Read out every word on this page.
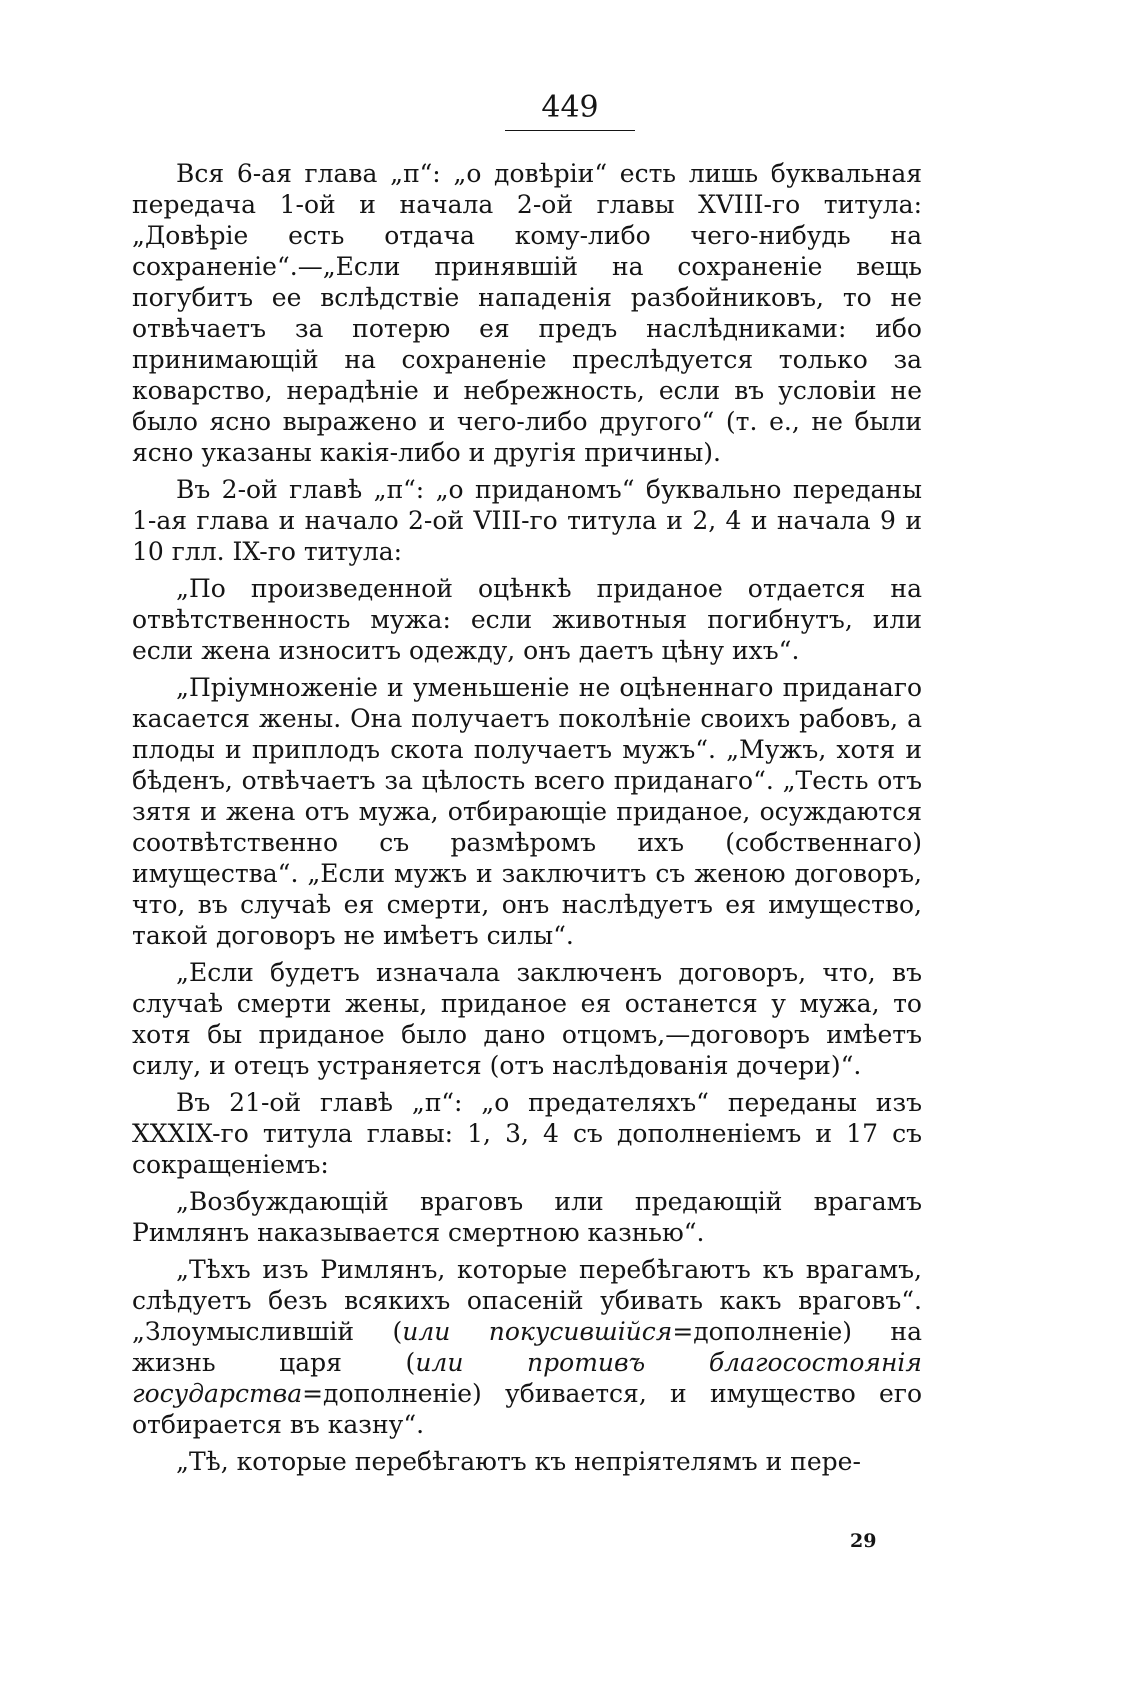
449

Вся 6-ая глава „π“: „о довѣріи“ есть лишь буквальная передача 1-ой и начала 2-ой главы XVIII-го титула: „Довѣріе есть отдача кому-либо чего-нибудь на сохраненіе“.—„Если принявшій на сохраненіе вещь погубитъ ее вслѣдствіе нападенія разбойниковъ, то не отвѣчаетъ за потерю ея предъ наслѣдниками: ибо принимающій на сохраненіе преслѣдуется только за коварство, нерадѣніе и небрежность, если въ условіи не было ясно выражено и чего-либо другого“ (т. е., не были ясно указаны какія-либо и другія причины).

Въ 2-ой главѣ „π“: „о приданомъ“ буквально переданы 1-ая глава и начало 2-ой VIII-го титула и 2, 4 и начала 9 и 10 глл. IX-го титула:

„По произведенной оцѣнкѣ приданое отдается на отвѣтственность мужа: если животныя погибнутъ, или если жена износитъ одежду, онъ даетъ цѣну ихъ“.

„Пріумноженіе и уменьшеніе не оцѣненнаго приданаго касается жены. Она получаетъ поколѣніе своихъ рабовъ, а плоды и приплодъ скота получаетъ мужъ“. „Мужъ, хотя и бѣденъ, отвѣчаетъ за цѣлость всего приданаго“. „Тесть отъ зятя и жена отъ мужа, отбирающіе приданое, осуждаются соотвѣтственно съ размѣромъ ихъ (собственнаго) имущества“. „Если мужъ и заключитъ съ женою договоръ, что, въ случаѣ ея смерти, онъ наслѣдуетъ ея имущество, такой договоръ не имѣетъ силы“.

„Если будетъ изначала заключенъ договоръ, что, въ случаѣ смерти жены, приданое ея останется у мужа, то хотя бы приданое было дано отцомъ,—договоръ имѣетъ силу, и отецъ устраняется (отъ наслѣдованія дочери)“.

Въ 21-ой главѣ „π“: „о предателяхъ“ переданы изъ XXXIX-го титула главы: 1, 3, 4 съ дополненіемъ и 17 съ сокращеніемъ:

„Возбуждающій враговъ или предающій врагамъ Римлянъ наказывается смертною казнью“.

„Тѣхъ изъ Римлянъ, которые перебѣгаютъ къ врагамъ, слѣдуетъ безъ всякихъ опасеній убивать какъ враговъ“. „Злоумыслившій (или покусившійся=дополненіе) на жизнь царя (или противъ благосостоянія государства=дополненіе) убивается, и имущество его отбирается въ казну“.

„Тѣ, которые перебѣгаютъ къ непріятелямъ и пере-

29
